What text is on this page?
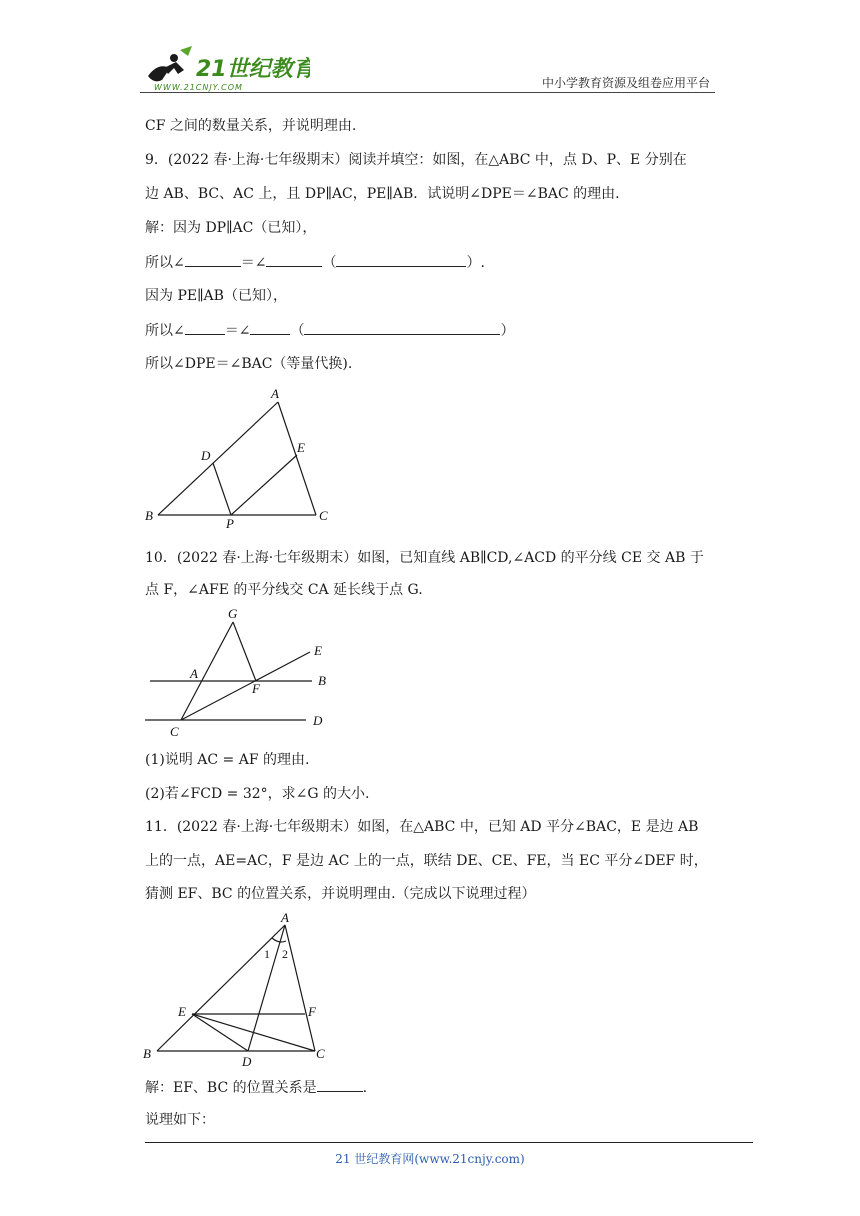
21世纪教育
WWW.21CNJY.COM	中小学教育资源及组卷应用平台
CF 之间的数量关系，并说明理由.
9．(2022 春·上海·七年级期末）阅读并填空：如图，在△ABC 中，点 D、P、E 分别在
边 AB、BC、AC 上，且 DP∥AC，PE∥AB．试说明∠DPE＝∠BAC 的理由.
解：因为 DP∥AC（已知），
所以∠	＝∠	（	）.
因为 PE∥AB（已知），
所以∠	＝∠	（	）
所以∠DPE＝∠BAC（等量代换).
A
B	C
D
E
P
10．(2022 春·上海·七年级期末）如图，已知直线 AB∥CD,∠ACD 的平分线 CE 交 AB 于
点 F，∠AFE 的平分线交 CA 延长线于点 G.
G
A
F
B
E
D
C
(1)说明 AC = AF 的理由.
(2)若∠FCD = 32°，求∠G 的大小.
11．(2022 春·上海·七年级期末）如图，在△ABC 中，已知 AD 平分∠BAC，E 是边 AB
上的一点，AE=AC，F 是边 AC 上的一点，联结 DE、CE、FE，当 EC 平分∠DEF 时，
猜测 EF、BC 的位置关系，并说明理由.（完成以下说理过程）
A
1 2
E	F
B
D
C
解：EF、BC 的位置关系是	.
说理如下：
21 世纪教育网(www.21cnjy.com)
